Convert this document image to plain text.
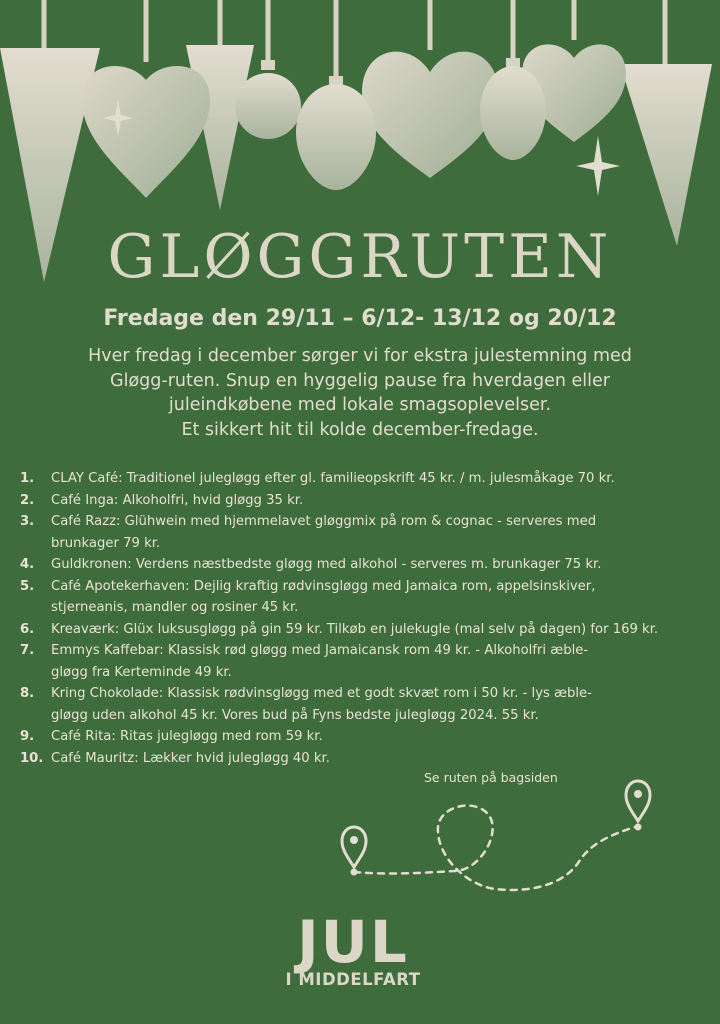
GLØGGRUTEN

Fredage den 29/11 – 6/12- 13/12 og 20/12

Hver fredag i december sørger vi for ekstra julestemning med
Gløgg-ruten. Snup en hyggelig pause fra hverdagen eller
juleindkøbene med lokale smagsoplevelser.
Et sikkert hit til kolde december-fredage.
1. CLAY Café: Traditionel julegløgg efter gl. familieopskrift 45 kr. / m. julesmåkage 70 kr.
2. Café Inga: Alkoholfri, hvid gløgg 35 kr.
3. Café Razz: Glühwein med hjemmelavet gløggmix på rom & cognac - serveres med
brunkager 79 kr.
4. Guldkronen: Verdens næstbedste gløgg med alkohol - serveres m. brunkager 75 kr.
5. Café Apotekerhaven: Dejlig kraftig rødvinsgløgg med Jamaica rom, appelsinskiver,
stjerneanis, mandler og rosiner 45 kr.
6. Kreaværk: Glüx luksusgløgg på gin 59 kr. Tilkøb en julekugle (mal selv på dagen) for 169 kr.
7. Emmys Kaffebar: Klassisk rød gløgg med Jamaicansk rom 49 kr. - Alkoholfri æble-
gløgg fra Kerteminde 49 kr.
8. Kring Chokolade: Klassisk rødvinsgløgg med et godt skvæt rom i 50 kr. - lys æble-
gløgg uden alkohol 45 kr. Vores bud på Fyns bedste julegløgg 2024. 55 kr.
9. Café Rita: Ritas julegløgg med rom 59 kr.
10. Café Mauritz: Lækker hvid julegløgg 40 kr.
Se ruten på bagsiden
JUL
I MIDDELFART
